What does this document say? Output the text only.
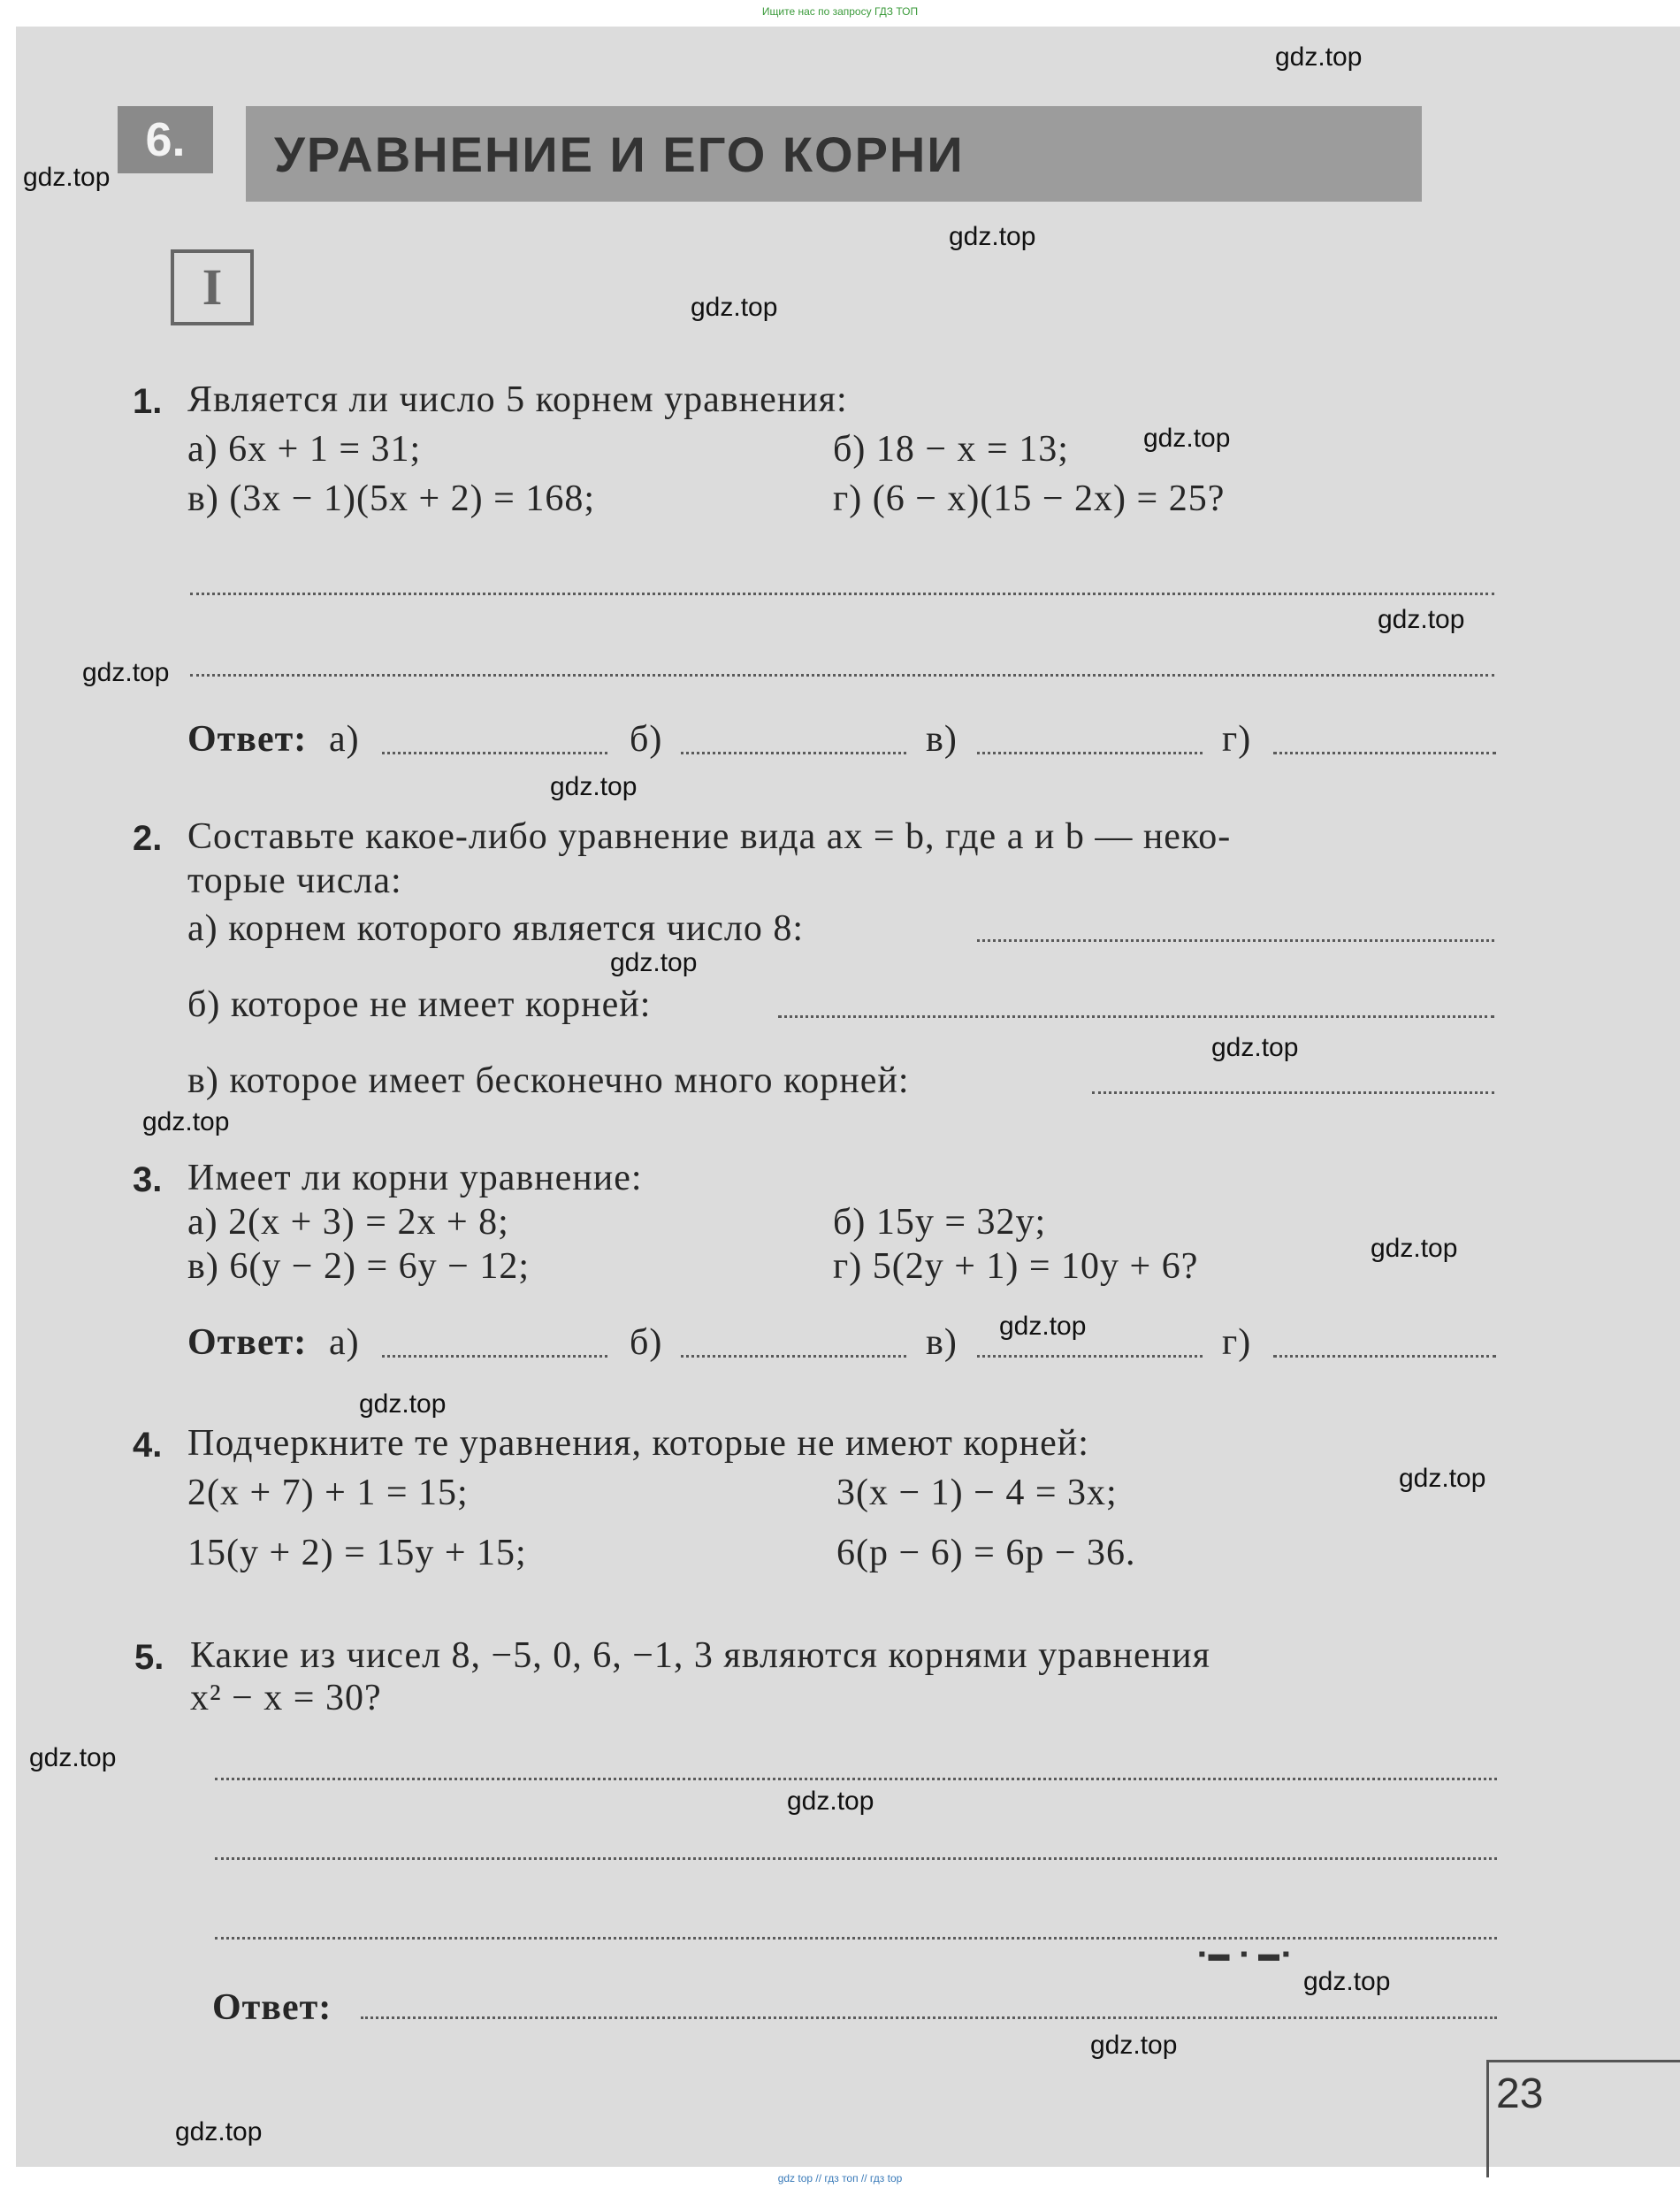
Ищите нас по запросу ГДЗ ТОП
6.	УРАВНЕНИЕ И ЕГО КОРНИ
I
1. Является ли число 5 корнем уравнения:
а) 6x + 1 = 31;	б) 18 − x = 13;
в) (3x − 1)(5x + 2) = 168;	г) (6 − x)(15 − 2x) = 25?
Ответ: а)	б)	в)	г)
2. Составьте какое-либо уравнение вида ax = b, где a и b — неко-
торые числа:
а) корнем которого является число 8:
б) которое не имеет корней:
в) которое имеет бесконечно много корней:
3. Имеет ли корни уравнение:
а) 2(x + 3) = 2x + 8;	б) 15y = 32y;
в) 6(y − 2) = 6y − 12;	г) 5(2y + 1) = 10y + 6?
Ответ: а)	б)	в)	г)
4. Подчеркните те уравнения, которые не имеют корней:
2(x + 7) + 1 = 15;	3(x − 1) − 4 = 3x;
15(y + 2) = 15y + 15;	6(p − 6) = 6p − 36.
5. Какие из чисел 8, −5, 0, 6, −1, 3 являются корнями уравнения
x² − x = 30?
Ответ:
▪︎▬ ▪ ▬▪
23
gdz.top
gdz.top
gdz.top
gdz.top
gdz.top
gdz.top
gdz.top
gdz.top
gdz.top
gdz.top
gdz.top
gdz.top
gdz.top
gdz.top
gdz.top
gdz.top
gdz.top
gdz.top
gdz.top
gdz.top
gdz top // гдз топ // гдз top
